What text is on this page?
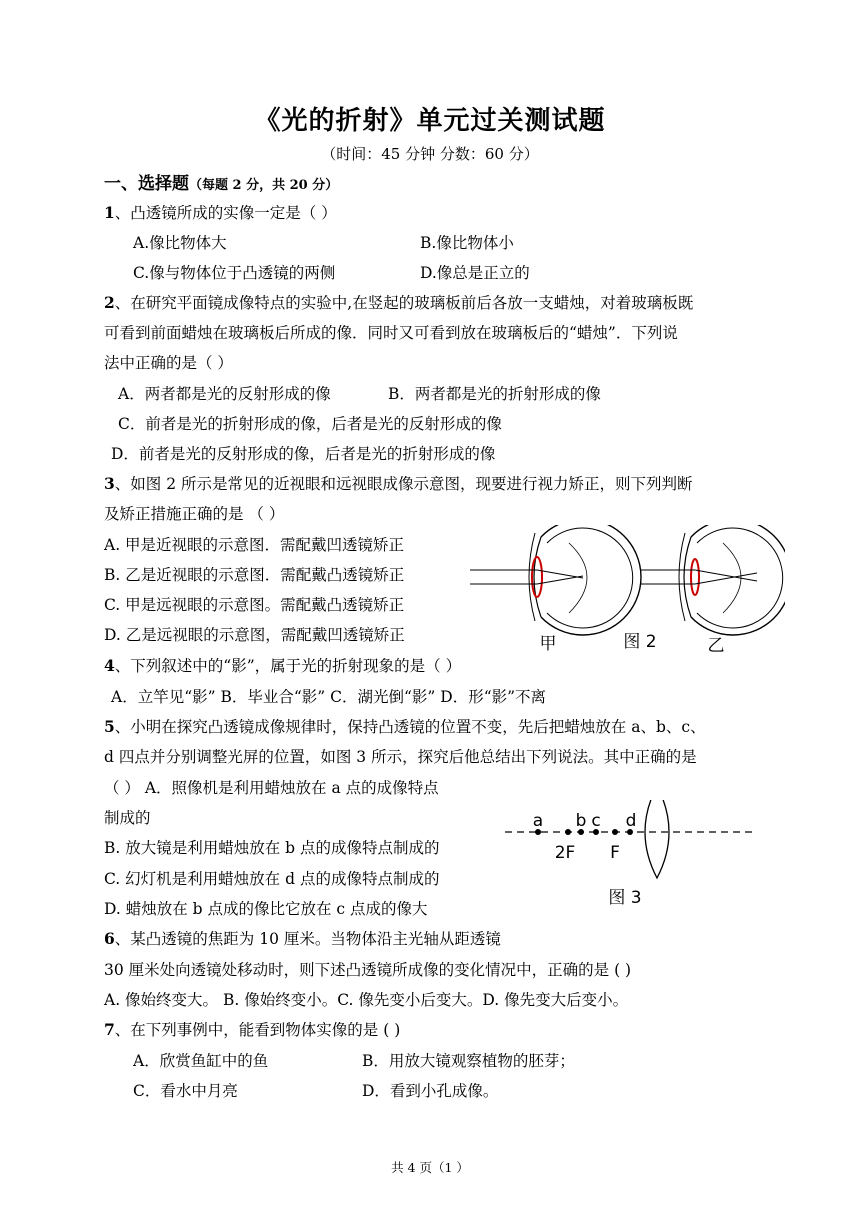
《光的折射》单元过关测试题
（时间：45 分钟 分数：60 分）
一、选择题（每题 2 分，共 20 分）
1、凸透镜所成的实像一定是（ ）
A.像比物体大	B.像比物体小
C.像与物体位于凸透镜的两侧	D.像总是正立的
2、在研究平面镜成像特点的实验中,在竖起的玻璃板前后各放一支蜡烛，对着玻璃板既
可看到前面蜡烛在玻璃板后所成的像．同时又可看到放在玻璃板后的“蜡烛”．下列说
法中正确的是（ ）
A．两者都是光的反射形成的像	B．两者都是光的折射形成的像
C．前者是光的折射形成的像，后者是光的反射形成的像
D．前者是光的反射形成的像，后者是光的折射形成的像
3、如图 2 所示是常见的近视眼和远视眼成像示意图，现要进行视力矫正，则下列判断
及矫正措施正确的是 （ ）
A. 甲是近视眼的示意图．需配戴凹透镜矫正
B. 乙是近视眼的示意图．需配戴凸透镜矫正
C. 甲是远视眼的示意图。需配戴凸透镜矫正
D. 乙是远视眼的示意图，需配戴凹透镜矫正	甲	图 2	乙
4、下列叙述中的“影”，属于光的折射现象的是（ ）
A．立竿见“影” B．毕业合“影” C．湖光倒“影” D．形“影”不离
5、小明在探究凸透镜成像规律时，保持凸透镜的位置不变，先后把蜡烛放在 a、b、c、
d 四点并分别调整光屏的位置，如图 3 所示，探究后他总结出下列说法。其中正确的是
（ ） A．照像机是利用蜡烛放在 a 点的成像特点
制成的
B. 放大镜是利用蜡烛放在 b 点的成像特点制成的
C. 幻灯机是利用蜡烛放在 d 点的成像特点制成的
D. 蜡烛放在 b 点成的像比它放在 c 点成的像大
a b c d
2F F
图 3
6、某凸透镜的焦距为 10 厘米。当物体沿主光轴从距透镜
30 厘米处向透镜处移动时，则下述凸透镜所成像的变化情况中，正确的是 ( )
A. 像始终变大。 B. 像始终变小。C. 像先变小后变大。D. 像先变大后变小。
7、在下列事例中，能看到物体实像的是 ( )
A．欣赏鱼缸中的鱼	B．用放大镜观察植物的胚芽；
C．看水中月亮	D．看到小孔成像。
共 4 页（1 ）
